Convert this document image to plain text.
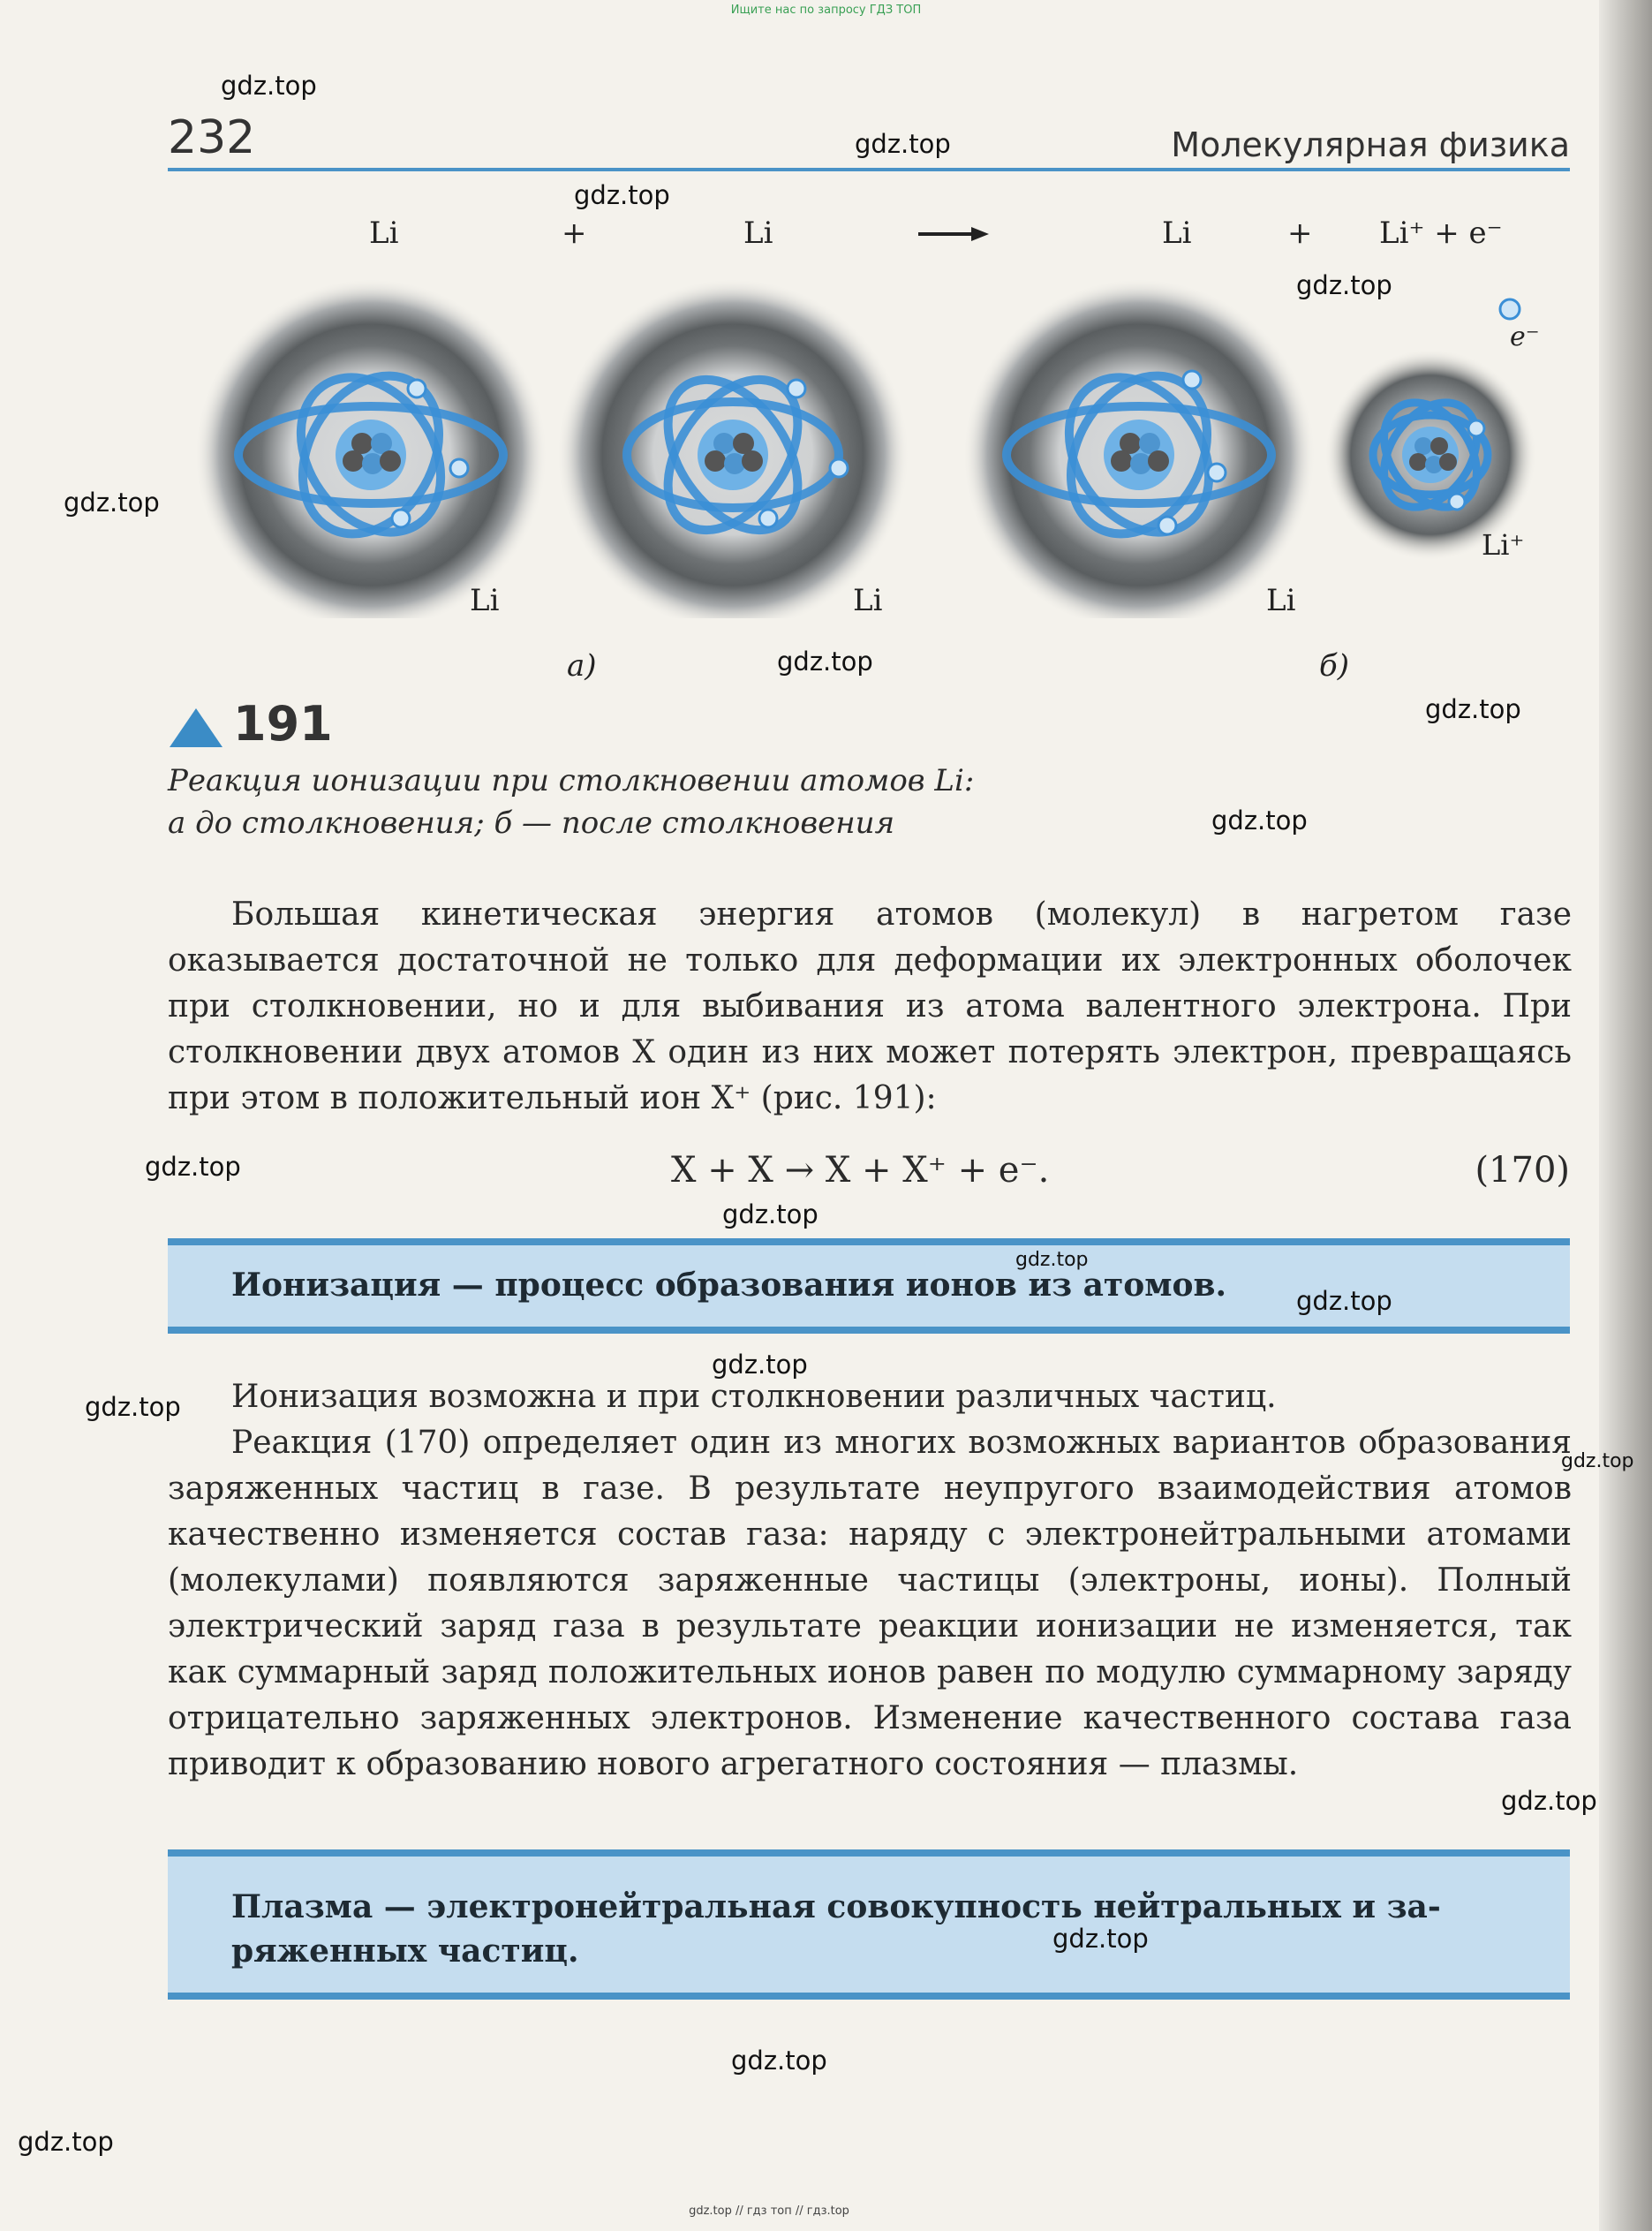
Ищите нас по запросу ГДЗ ТОП
232	Молекулярная физика
Li	+	Li	Li	+ Li⁺ + e⁻
e⁻
Li⁺
Li	Li	Li
а)	б)
191
Реакция ионизации при столкновении атомов Li:
а до столкновения; б — после столкновения
Большая кинетическая энергия атомов (молекул) в нагретом газе оказывается достаточной не только для деформации их электронных оболочек при столкновении, но и для выбивания из атома валентного электрона. При столкновении двух атомов X один из них может потерять электрон, превращаясь при этом в положительный ион X⁺ (рис. 191):
X + X → X + X⁺ + e⁻.	(170)
Ионизация — процесс образования ионов из атомов.
Ионизация возможна и при столкновении различных частиц.
Реакция (170) определяет один из многих возможных вариантов образования заряженных частиц в газе. В результате неупругого взаимодействия атомов качественно изменяется состав газа: наряду с электронейтральными атомами (молекулами) появляются заряженные частицы (электроны, ионы). Полный электрический заряд газа в результате реакции ионизации не изменяется, так как суммарный заряд положительных ионов равен по модулю суммарному заряду отрицательно заряженных электронов. Изменение качественного состава газа приводит к образованию нового агрегатного состояния — плазмы.
Плазма — электронейтральная совокупность нейтральных и за-
ряженных частиц.
gdz.top
gdz.top
gdz.top
gdz.top
gdz.top
gdz.top
gdz.top
gdz.top
gdz.top
gdz.top
gdz.top
gdz.top
gdz.top
gdz.top
gdz.top
gdz.top
gdz.top
gdz.top
gdz.top
gdz.top // гдз топ // гдз.top
